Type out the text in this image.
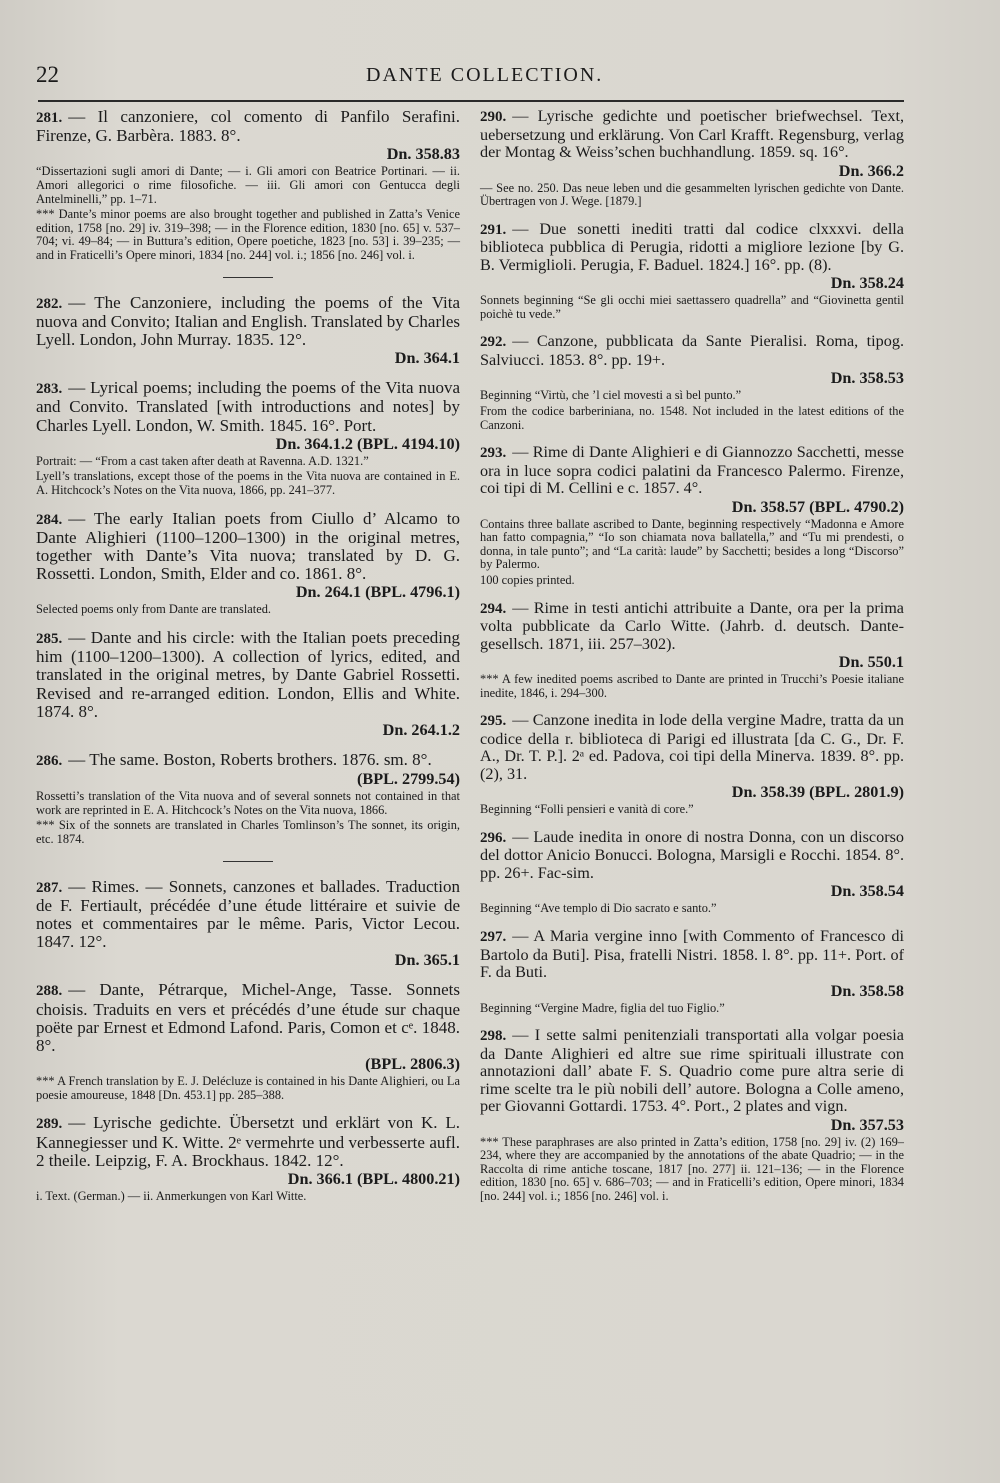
22	DANTE COLLECTION.
281. — Il canzoniere, col comento di Panfilo Serafini. Firenze, G. Barbèra. 1883. 8°.
Dn. 358.83
“Dissertazioni sugli amori di Dante; — i. Gli amori con Beatrice Portinari. — ii. Amori allegorici o rime filosofiche. — iii. Gli amori con Gentucca degli Antelminelli,” pp. 1–71.
*** Dante’s minor poems are also brought together and published in Zatta’s Venice edition, 1758 [no. 29] iv. 319–398; — in the Florence edition, 1830 [no. 65] v. 537–704; vi. 49–84; — in Buttura’s edition, Opere poetiche, 1823 [no. 53] i. 39–235; — and in Fraticelli’s Opere minori, 1834 [no. 244] vol. i.; 1856 [no. 246] vol. i.
282. — The Canzoniere, including the poems of the Vita nuova and Convito; Italian and English. Translated by Charles Lyell. London, John Murray. 1835. 12°.
Dn. 364.1
283. — Lyrical poems; including the poems of the Vita nuova and Convito. Translated [with introductions and notes] by Charles Lyell. London, W. Smith. 1845. 16°. Port.
Dn. 364.1.2 (BPL. 4194.10)
Portrait: — “From a cast taken after death at Ravenna. A.D. 1321.”
Lyell’s translations, except those of the poems in the Vita nuova are contained in E. A. Hitchcock’s Notes on the Vita nuova, 1866, pp. 241–377.
284. — The early Italian poets from Ciullo d’ Alcamo to Dante Alighieri (1100–1200–1300) in the original metres, together with Dante’s Vita nuova; translated by D. G. Rossetti. London, Smith, Elder and co. 1861. 8°.
Dn. 264.1 (BPL. 4796.1)
Selected poems only from Dante are translated.
285. — Dante and his circle: with the Italian poets preceding him (1100–1200–1300). A collection of lyrics, edited, and translated in the original metres, by Dante Gabriel Rossetti. Revised and re-arranged edition. London, Ellis and White. 1874. 8°.
Dn. 264.1.2
286. — The same. Boston, Roberts brothers. 1876. sm. 8°.
(BPL. 2799.54)
Rossetti’s translation of the Vita nuova and of several sonnets not contained in that work are reprinted in E. A. Hitchcock’s Notes on the Vita nuova, 1866.
*** Six of the sonnets are translated in Charles Tomlinson’s The sonnet, its origin, etc. 1874.
287. — Rimes. — Sonnets, canzones et ballades. Traduction de F. Fertiault, précédée d’une étude littéraire et suivie de notes et commentaires par le même. Paris, Victor Lecou. 1847. 12°.
Dn. 365.1
288. — Dante, Pétrarque, Michel-Ange, Tasse. Sonnets choisis. Traduits en vers et précédés d’une étude sur chaque poëte par Ernest et Edmond Lafond. Paris, Comon et cᵉ. 1848. 8°.
(BPL. 2806.3)
*** A French translation by E. J. Delécluze is contained in his Dante Alighieri, ou La poesie amoureuse, 1848 [Dn. 453.1] pp. 285–388.
289. — Lyrische gedichte. Übersetzt und erklärt von K. L. Kannegiesser und K. Witte. 2ᵉ vermehrte und verbesserte aufl. 2 theile. Leipzig, F. A. Brockhaus. 1842. 12°.
Dn. 366.1 (BPL. 4800.21)
i. Text. (German.) — ii. Anmerkungen von Karl Witte.
290. — Lyrische gedichte und poetischer briefwechsel. Text, uebersetzung und erklärung. Von Carl Krafft. Regensburg, verlag der Montag & Weiss’schen buchhandlung. 1859. sq. 16°.
Dn. 366.2
— See no. 250. Das neue leben und die gesammelten lyrischen gedichte von Dante. Übertragen von J. Wege. [1879.]
291. — Due sonetti inediti tratti dal codice clxxxvi. della biblioteca pubblica di Perugia, ridotti a migliore lezione [by G. B. Vermiglioli. Perugia, F. Baduel. 1824.] 16°. pp. (8).
Dn. 358.24
Sonnets beginning “Se gli occhi miei saettassero quadrella” and “Giovinetta gentil poichè tu vede.”
292. — Canzone, pubblicata da Sante Pieralisi. Roma, tipog. Salviucci. 1853. 8°. pp. 19+.
Dn. 358.53
Beginning “Virtù, che ’l ciel movesti a sì bel punto.”
From the codice barberiniana, no. 1548. Not included in the latest editions of the Canzoni.
293. — Rime di Dante Alighieri e di Giannozzo Sacchetti, messe ora in luce sopra codici palatini da Francesco Palermo. Firenze, coi tipi di M. Cellini e c. 1857. 4°.
Dn. 358.57 (BPL. 4790.2)
Contains three ballate ascribed to Dante, beginning respectively “Madonna e Amore han fatto compagnia,” “Io son chiamata nova ballatella,” and “Tu mi prendesti, o donna, in tale punto”; and “La carità: laude” by Sacchetti; besides a long “Discorso” by Palermo.
100 copies printed.
294. — Rime in testi antichi attribuite a Dante, ora per la prima volta pubblicate da Carlo Witte. (Jahrb. d. deutsch. Dante-gesellsch. 1871, iii. 257–302).
Dn. 550.1
*** A few inedited poems ascribed to Dante are printed in Trucchi’s Poesie italiane inedite, 1846, i. 294–300.
295. — Canzone inedita in lode della vergine Madre, tratta da un codice della r. biblioteca di Parigi ed illustrata [da C. G., Dr. F. A., Dr. T. P.]. 2ᵃ ed. Padova, coi tipi della Minerva. 1839. 8°. pp. (2), 31.
Dn. 358.39 (BPL. 2801.9)
Beginning “Folli pensieri e vanità di core.”
296. — Laude inedita in onore di nostra Donna, con un discorso del dottor Anicio Bonucci. Bologna, Marsigli e Rocchi. 1854. 8°. pp. 26+. Fac-sim.
Dn. 358.54
Beginning “Ave templo di Dio sacrato e santo.”
297. — A Maria vergine inno [with Commento of Francesco di Bartolo da Buti]. Pisa, fratelli Nistri. 1858. l. 8°. pp. 11+. Port. of F. da Buti.
Dn. 358.58
Beginning “Vergine Madre, figlia del tuo Figlio.”
298. — I sette salmi penitenziali transportati alla volgar poesia da Dante Alighieri ed altre sue rime spirituali illustrate con annotazioni dall’ abate F. S. Quadrio come pure altra serie di rime scelte tra le più nobili dell’ autore. Bologna a Colle ameno, per Giovanni Gottardi. 1753. 4°. Port., 2 plates and vign.
Dn. 357.53
*** These paraphrases are also printed in Zatta’s edition, 1758 [no. 29] iv. (2) 169–234, where they are accompanied by the annotations of the abate Quadrio; — in the Raccolta di rime antiche toscane, 1817 [no. 277] ii. 121–136; — in the Florence edition, 1830 [no. 65] v. 686–703; — and in Fraticelli’s edition, Opere minori, 1834 [no. 244] vol. i.; 1856 [no. 246] vol. i.
